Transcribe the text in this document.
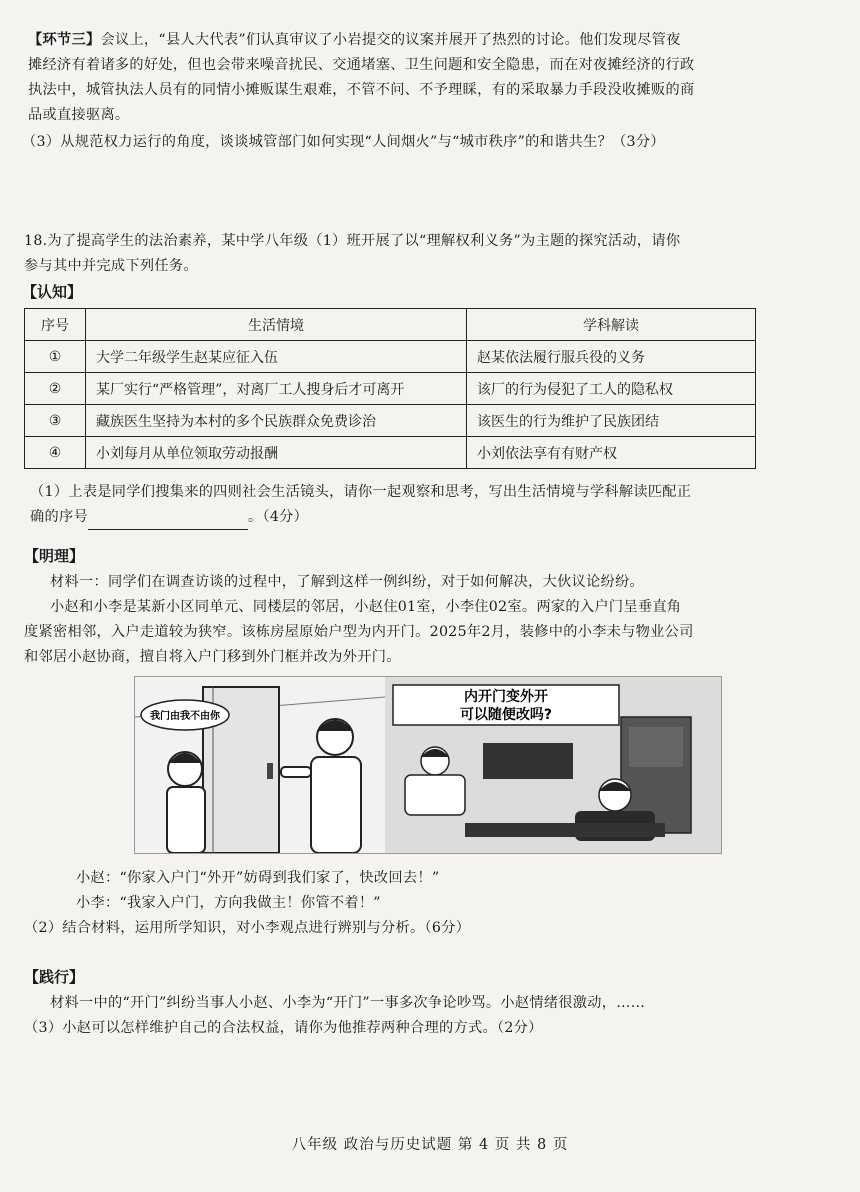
【环节三】会议上，“县人大代表”们认真审议了小岩提交的议案并展开了热烈的讨论。他们发现尽管夜
摊经济有着诸多的好处，但也会带来噪音扰民、交通堵塞、卫生问题和安全隐患，而在对夜摊经济的行政
执法中，城管执法人员有的同情小摊贩谋生艰难，不管不问、不予理睬，有的采取暴力手段没收摊贩的商
品或直接驱离。
（3）从规范权力运行的角度，谈谈城管部门如何实现“人间烟火”与“城市秩序”的和谐共生？（3分）
18.为了提高学生的法治素养，某中学八年级（1）班开展了以“理解权利义务”为主题的探究活动，请你
参与其中并完成下列任务。
【认知】
序号	生活情境	学科解读
①	大学二年级学生赵某应征入伍	赵某依法履行服兵役的义务
②	某厂实行“严格管理”，对离厂工人搜身后才可离开	该厂的行为侵犯了工人的隐私权
③	藏族医生坚持为本村的多个民族群众免费诊治	该医生的行为维护了民族团结
④	小刘每月从单位领取劳动报酬	小刘依法享有有财产权
（1）上表是同学们搜集来的四则社会生活镜头，请你一起观察和思考，写出生活情境与学科解读匹配正
确的序号	。（4分）
【明理】
材料一：同学们在调查访谈的过程中，了解到这样一例纠纷，对于如何解决，大伙议论纷纷。
小赵和小李是某新小区同单元、同楼层的邻居，小赵住01室，小李住02室。两家的入户门呈垂直角
度紧密相邻，入户走道较为狭窄。该栋房屋原始户型为内开门。2025年2月，装修中的小李未与物业公司
和邻居小赵协商，擅自将入户门移到外门框并改为外开门。
我门由我不由你
内开门变外开
可以随便改吗?
小赵：“你家入户门“外开”妨碍到我们家了，快改回去！”
小李：“我家入户门，方向我做主！你管不着！”
（2）结合材料，运用所学知识，对小李观点进行辨别与分析。（6分）
【践行】
材料一中的“开门”纠纷当事人小赵、小李为“开门”一事多次争论吵骂。小赵情绪很激动，……
（3）小赵可以怎样维护自己的合法权益，请你为他推荐两种合理的方式。（2分）
八年级 政治与历史试题 第 4 页 共 8 页
